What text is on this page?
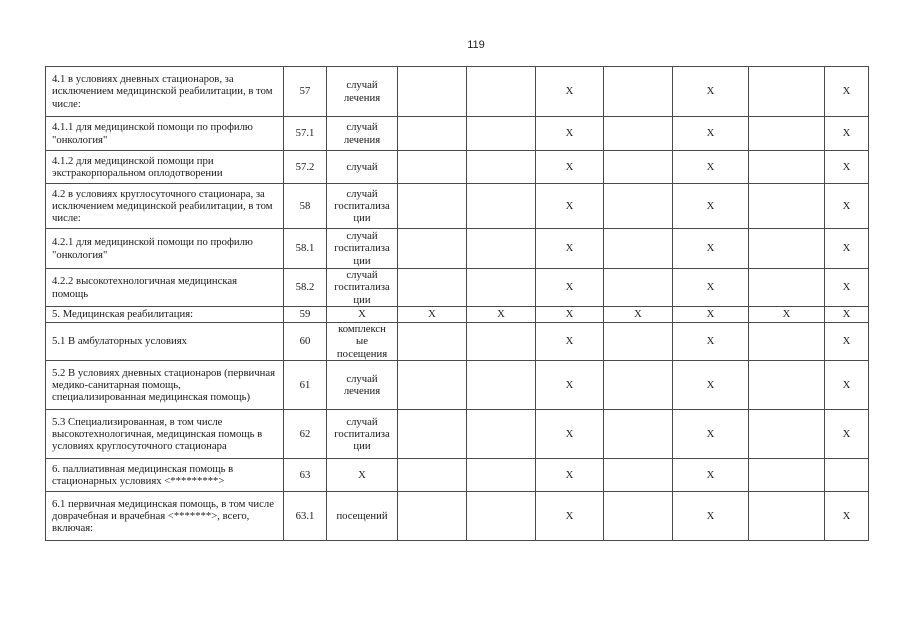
119
4.1 в условиях дневных стационаров, за
исключением медицинской реабилитации, в том
числе:	57	случай
лечения			X		X		X
4.1.1 для медицинской помощи по профилю
"онкология"	57.1	случай
лечения			X		X		X
4.1.2 для медицинской помощи при
экстракорпоральном оплодотворении	57.2	случай			X		X		X
4.2 в условиях круглосуточного стационара, за
исключением медицинской реабилитации, в том
числе:	58	случай
госпитализа
ции			X		X		X
4.2.1 для медицинской помощи по профилю
"онкология"	58.1	случай
госпитализа
ции			X		X		X
4.2.2 высокотехнологичная медицинская
помощь	58.2	случай
госпитализа
ции			X		X		X
5. Медицинская реабилитация:	59	X	X	X	X	X	X	X	X
5.1 В амбулаторных условиях	60	комплексн
ые
посещения			X		X		X
5.2 В условиях дневных стационаров (первичная
медико-санитарная помощь,
специализированная медицинская помощь)	61	случай
лечения			X		X		X
5.3 Специализированная, в том числе
высокотехнологичная, медицинская помощь в
условиях круглосуточного стационара	62	случай
госпитализа
ции			X		X		X
6. паллиативная медицинская помощь в
стационарных условиях <*********>	63	X			X		X		
6.1 первичная медицинская помощь, в том числе
доврачебная и врачебная <*******>, всего,
включая:	63.1	посещений			X		X		X
